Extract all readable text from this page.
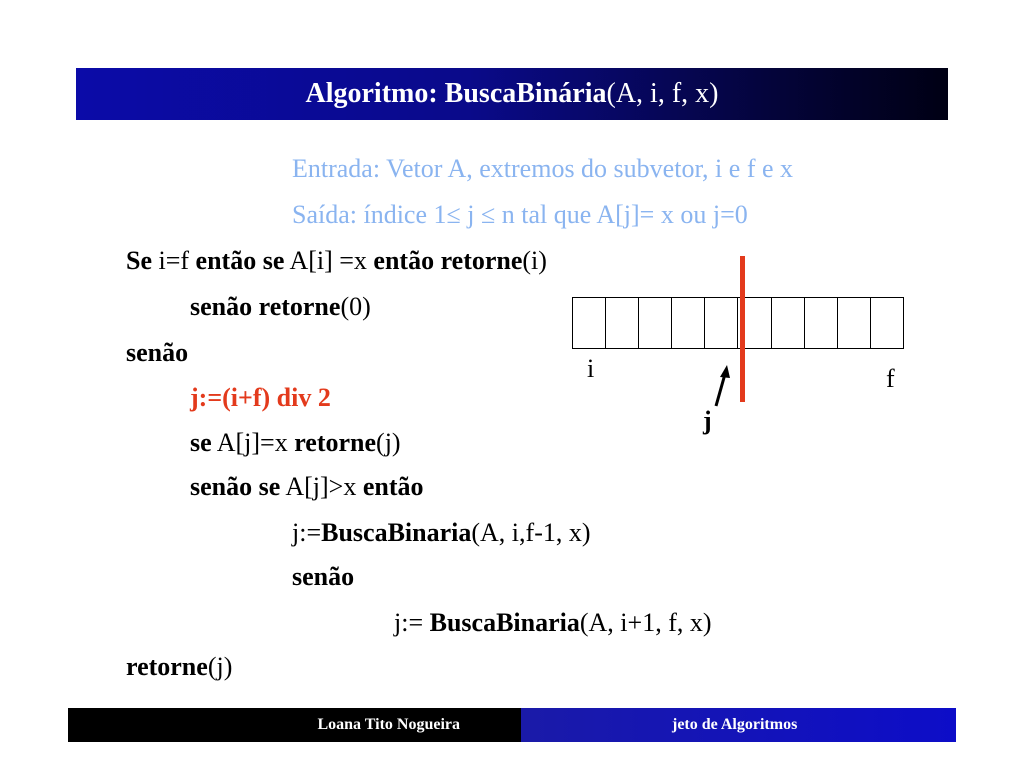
Algoritmo: BuscaBinária(A, i, f, x)
Entrada: Vetor A, extremos do subvetor, i e f e x
Saída: índice 1≤ j ≤ n tal que A[j]= x ou j=0
Se i=f então se A[i] =x então retorne(i)
senão retorne(0)
senão
j:=(i+f) div 2
se A[j]=x retorne(j)
senão se A[j]>x então
j:=BuscaBinaria(A, i,f-1, x)
senão
j:= BuscaBinaria(A, i+1, f, x)
retorne(j)
i	f
j
Loana Tito Nogueira	jeto de Algoritmos
